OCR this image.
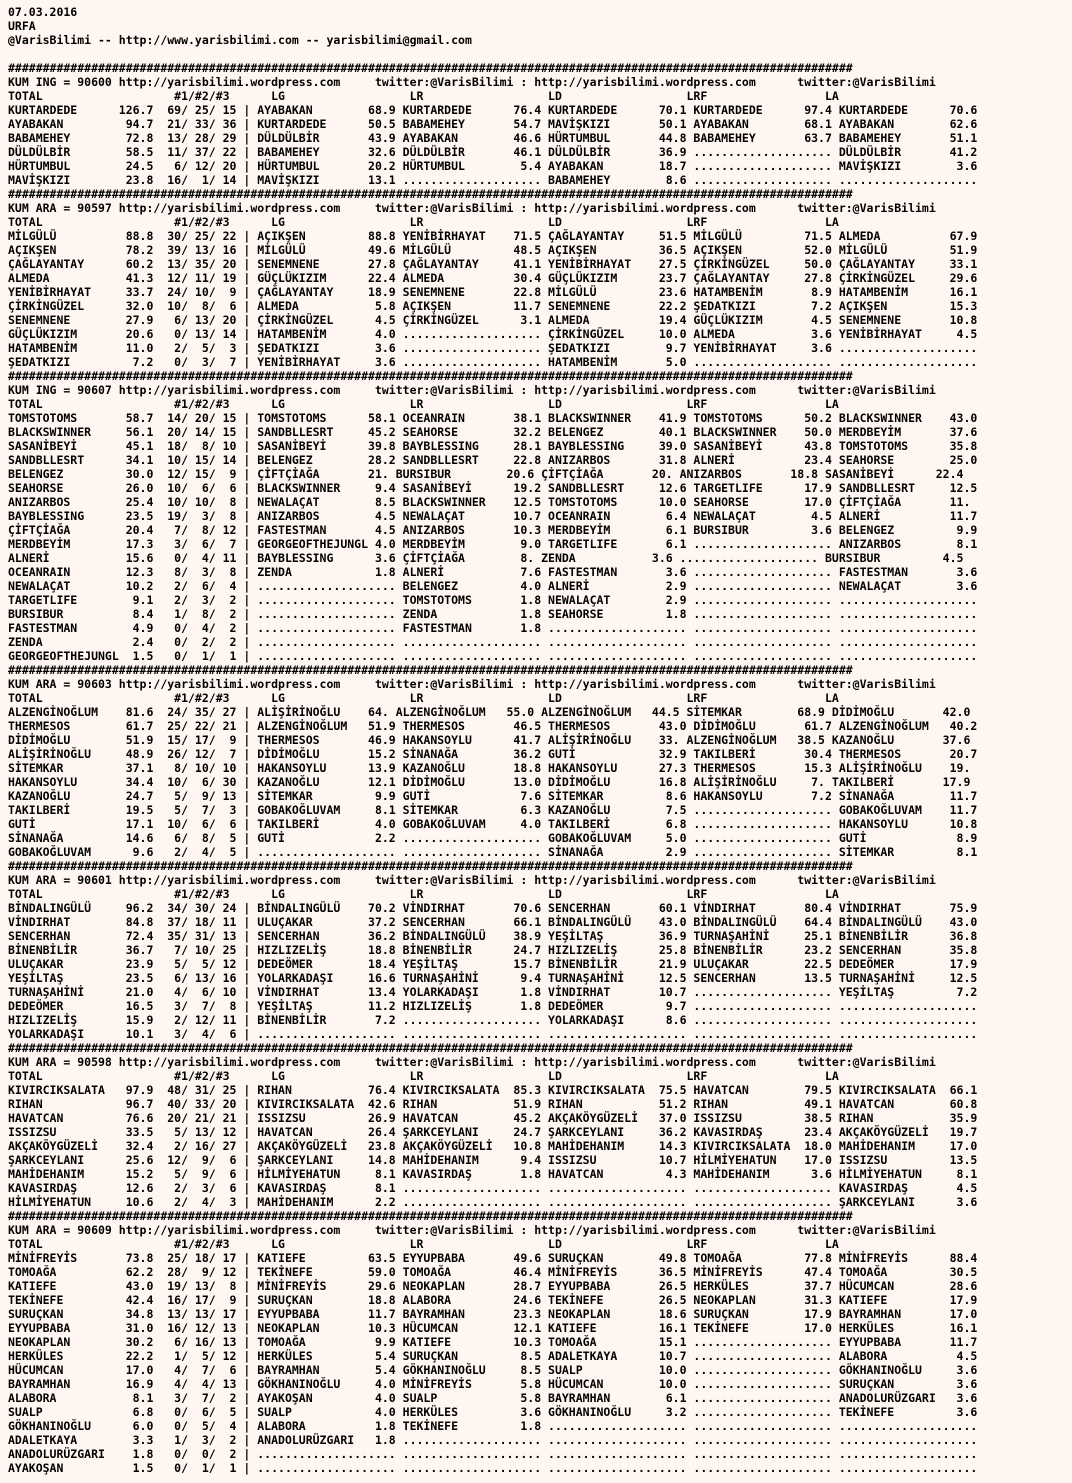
07.03.2016
URFA
@VarisBilimi -- http://www.yarisbilimi.com -- yarisbilimi@gmail.com
##########################################################################################################################
KUM ING = 90600 http://yarisbilimi.wordpress.com     twitter:@VarisBilimi : http://yarisbilimi.wordpress.com      twitter:@VarisBilimi
TOTAL                   #1/#2/#3      LG                  LR                  LD                  LRF                 LA
KURTARDEDE      126.7  69/ 25/ 15 | AYABAKAN        68.9 KURTARDEDE      76.4 KURTARDEDE      70.1 KURTARDEDE      97.4 KURTARDEDE      70.6
AYABAKAN         94.7  21/ 33/ 36 | KURTARDEDE      50.5 BABAMEHEY       54.7 MAVİŞKIZI       50.1 AYABAKAN        68.1 AYABAKAN        62.6
BABAMEHEY        72.8  13/ 28/ 29 | DÜLDÜLBİR       43.9 AYABAKAN        46.6 HÜRTUMBUL       44.8 BABAMEHEY       63.7 BABAMEHEY       51.1
DÜLDÜLBİR        58.5  11/ 37/ 22 | BABAMEHEY       32.6 DÜLDÜLBİR       46.1 DÜLDÜLBİR       36.9 .................... DÜLDÜLBİR       41.2
HÜRTUMBUL        24.5   6/ 12/ 20 | HÜRTUMBUL       20.2 HÜRTUMBUL        5.4 AYABAKAN        18.7 .................... MAVİŞKIZI        3.6
MAVİŞKIZI        23.8  16/  1/ 14 | MAVİŞKIZI       13.1 .................... BABAMEHEY        8.6 .................... ....................
##########################################################################################################################
KUM ARA = 90597 http://yarisbilimi.wordpress.com     twitter:@VarisBilimi : http://yarisbilimi.wordpress.com      twitter:@VarisBilimi
TOTAL                   #1/#2/#3      LG                  LR                  LD                  LRF                 LA
MİLGÜLÜ          88.8  30/ 25/ 22 | AÇIKŞEN         88.8 YENİBİRHAYAT    71.5 ÇAĞLAYANTAY     51.5 MİLGÜLÜ         71.5 ALMEDA          67.9
AÇIKŞEN          78.2  39/ 13/ 16 | MİLGÜLÜ         49.6 MİLGÜLÜ         48.5 AÇIKŞEN         36.5 AÇIKŞEN         52.0 MİLGÜLÜ         51.9
ÇAĞLAYANTAY      60.2  13/ 35/ 20 | SENEMNENE       27.8 ÇAĞLAYANTAY     41.1 YENİBİRHAYAT    27.5 ÇİRKİNGÜZEL     50.0 ÇAĞLAYANTAY     33.1
ALMEDA           41.3  12/ 11/ 19 | GÜÇLÜKIZIM      22.4 ALMEDA          30.4 GÜÇLÜKIZIM      23.7 ÇAĞLAYANTAY     27.8 ÇİRKİNGÜZEL     29.6
YENİBİRHAYAT     33.7  24/ 10/  9 | ÇAĞLAYANTAY     18.9 SENEMNENE       22.8 MİLGÜLÜ         23.6 HATAMBENİM       8.9 HATAMBENİM      16.1
ÇİRKİNGÜZEL      32.0  10/  8/  6 | ALMEDA           5.8 AÇIKŞEN         11.7 SENEMNENE       22.2 ŞEDATKIZI        7.2 AÇIKŞEN         15.3
SENEMNENE        27.9   6/ 13/ 20 | ÇİRKİNGÜZEL      4.5 ÇİRKİNGÜZEL      3.1 ALMEDA          19.4 GÜÇLÜKIZIM       4.5 SENEMNENE       10.8
GÜÇLÜKIZIM       20.6   0/ 13/ 14 | HATAMBENİM       4.0 .................... ÇİRKİNGÜZEL     10.0 ALMEDA           3.6 YENİBİRHAYAT     4.5
HATAMBENİM       11.0   2/  5/  3 | ŞEDATKIZI        3.6 .................... ŞEDATKIZI        9.7 YENİBİRHAYAT     3.6 ....................
ŞEDATKIZI         7.2   0/  3/  7 | YENİBİRHAYAT     3.6 .................... HATAMBENİM       5.0 .................... ....................
##########################################################################################################################
KUM ING = 90607 http://yarisbilimi.wordpress.com     twitter:@VarisBilimi : http://yarisbilimi.wordpress.com      twitter:@VarisBilimi
TOTAL                   #1/#2/#3      LG                  LR                  LD                  LRF                 LA
TOMSTOTOMS       58.7  14/ 20/ 15 | TOMSTOTOMS      58.1 OCEANRAIN       38.1 BLACKSWINNER    41.9 TOMSTOTOMS      50.2 BLACKSWINNER    43.0
BLACKSWINNER     56.1  20/ 14/ 15 | SANDBLLESRT     45.2 SEAHORSE        32.2 BELENGEZ        40.1 BLACKSWINNER    50.0 MERDBEYİM       37.6
SASANİBEYİ       45.1  18/  8/ 10 | SASANİBEYİ      39.8 BAYBLESSING     28.1 BAYBLESSING     39.0 SASANİBEYİ      43.8 TOMSTOTOMS      35.8
SANDBLLESRT      34.1  10/ 15/ 14 | BELENGEZ        28.2 SANDBLLESRT     22.8 ANIZARBOS       31.8 ALNERİ          23.4 SEAHORSE        25.0
BELENGEZ         30.0  12/ 15/  9 | ÇİFTÇİAĞA       21. BURSIBUR        20.6 ÇİFTÇİAĞA       20. ANIZARBOS       18.8 SASANİBEYİ      22.4
SEAHORSE         26.0  10/  6/  6 | BLACKSWINNER     9.4 SASANİBEYİ      19.2 SANDBLLESRT     12.6 TARGETLIFE      17.9 SANDBLLESRT     12.5
ANIZARBOS        25.4  10/ 10/  8 | NEWALAÇAT        8.5 BLACKSWINNER    12.5 TOMSTOTOMS      10.0 SEAHORSE        17.0 ÇİFTÇİAĞA       11.
BAYBLESSING      23.5  19/  3/  8 | ANIZARBOS        4.5 NEWALAÇAT       10.7 OCEANRAIN        6.4 NEWALAÇAT        4.5 ALNERİ          11.7
ÇİFTÇİAĞA        20.4   7/  8/ 12 | FASTESTMAN       4.5 ANIZARBOS       10.3 MERDBEYİM        6.1 BURSIBUR         3.6 BELENGEZ         9.9
MERDBEYİM        17.3   3/  6/  7 | GEORGEOFTHEJUNGL 4.0 MERDBEYİM        9.0 TARGETLIFE       6.1 .................... ANIZARBOS        8.1
ALNERİ           15.6   0/  4/ 11 | BAYBLESSING      3.6 ÇİFTÇİAĞA        8. ZENDA           3.6 .................... BURSIBUR         4.5
OCEANRAIN        12.3   8/  3/  8 | ZENDA            1.8 ALNERİ           7.6 FASTESTMAN       3.6 .................... FASTESTMAN       3.6
NEWALAÇAT        10.2   2/  6/  4 | .................... BELENGEZ         4.0 ALNERİ           2.9 .................... NEWALAÇAT        3.6
TARGETLIFE        9.1   2/  3/  2 | .................... TOMSTOTOMS       1.8 NEWALAÇAT        2.9 .................... ....................
BURSIBUR          8.4   1/  8/  2 | .................... ZENDA            1.8 SEAHORSE         1.8 .................... ....................
FASTESTMAN        4.9   0/  4/  2 | .................... FASTESTMAN       1.8 .................... .................... ....................
ZENDA             2.4   0/  2/  2 | .................... .................... .................... .................... ....................
GEORGEOFTHEJUNGL  1.5   0/  1/  1 | .................... .................... .................... .................... ....................
##########################################################################################################################
KUM ARA = 90603 http://yarisbilimi.wordpress.com     twitter:@VarisBilimi : http://yarisbilimi.wordpress.com      twitter:@VarisBilimi
TOTAL                   #1/#2/#3      LG                  LR                  LD                  LRF                 LA
ALZENGİNOĞLUM    81.6  24/ 35/ 27 | ALİŞİRİNOĞLU    64. ALZENGİNOĞLUM   55.0 ALZENGİNOĞLUM   44.5 SİTEMKAR        68.9 DİDİMOĞLU       42.0
THERMESOS        61.7  25/ 22/ 21 | ALZENGİNOĞLUM   51.9 THERMESOS       46.5 THERMESOS       43.0 DİDİMOĞLU       61.7 ALZENGİNOĞLUM   40.2
DİDİMOĞLU        51.9  15/ 17/  9 | THERMESOS       46.9 HAKANSOYLU      41.7 ALİŞİRİNOĞLU    33. ALZENGİNOĞLUM   38.5 KAZANOĞLU       37.6
ALİŞİRİNOĞLU     48.9  26/ 12/  7 | DİDİMOĞLU       15.2 SİNANAĞA        36.2 GUTİ            32.9 TAKILBERİ       30.4 THERMESOS       20.7
SİTEMKAR         37.1   8/ 10/ 10 | HAKANSOYLU      13.9 KAZANOĞLU       18.8 HAKANSOYLU      27.3 THERMESOS       15.3 ALİŞİRİNOĞLU    19.
HAKANSOYLU       34.4  10/  6/ 30 | KAZANOĞLU       12.1 DİDİMOĞLU       13.0 DİDİMOĞLU       16.8 ALİŞİRİNOĞLU     7. TAKILBERİ       17.9
KAZANOĞLU        24.7   5/  9/ 13 | SİTEMKAR         9.9 GUTİ             7.6 SİTEMKAR         8.6 HAKANSOYLU       7.2 SİNANAĞA        11.7
TAKILBERİ        19.5   5/  7/  3 | GOBAKOĞLUVAM     8.1 SİTEMKAR         6.3 KAZANOĞLU        7.5 .................... GOBAKOĞLUVAM    11.7
GUTİ             17.1  10/  6/  6 | TAKILBERİ        4.0 GOBAKOĞLUVAM     4.0 TAKILBERİ        6.8 .................... HAKANSOYLU      10.8
SİNANAĞA         14.6   6/  8/  5 | GUTİ             2.2 .................... GOBAKOĞLUVAM     5.0 .................... GUTİ             8.9
GOBAKOĞLUVAM      9.6   2/  4/  5 | .................... .................... SİNANAĞA         2.9 .................... SİTEMKAR         8.1
##########################################################################################################################
KUM ARA = 90601 http://yarisbilimi.wordpress.com     twitter:@VarisBilimi : http://yarisbilimi.wordpress.com      twitter:@VarisBilimi
TOTAL                   #1/#2/#3      LG                  LR                  LD                  LRF                 LA
BİNDALINGÜLÜ     96.2  34/ 30/ 24 | BİNDALINGÜLÜ    70.2 VİNDIRHAT       70.6 SENCERHAN       60.1 VİNDIRHAT       80.4 VİNDIRHAT       75.9
VİNDIRHAT        84.8  37/ 18/ 11 | ULUÇAKAR        37.2 SENCERHAN       66.1 BİNDALINGÜLÜ    43.0 BİNDALINGÜLÜ    64.4 BİNDALINGÜLÜ    43.0
SENCERHAN        72.4  35/ 31/ 13 | SENCERHAN       36.2 BİNDALINGÜLÜ    38.9 YEŞİLTAŞ        36.9 TURNAŞAHİNİ     25.1 BİNENBİLİR      36.8
BİNENBİLİR       36.7   7/ 10/ 25 | HIZLIZELİŞ      18.8 BİNENBİLİR      24.7 HIZLIZELİŞ      25.8 BİNENBİLİR      23.2 SENCERHAN       35.8
ULUÇAKAR         23.9   5/  5/ 12 | DEDEÖMER        18.4 YEŞİLTAŞ        15.7 BİNENBİLİR      21.9 ULUÇAKAR        22.5 DEDEÖMER        17.9
YEŞİLTAŞ         23.5   6/ 13/ 16 | YOLARKADAŞI     16.6 TURNAŞAHİNİ      9.4 TURNAŞAHİNİ     12.5 SENCERHAN       13.5 TURNAŞAHİNİ     12.5
TURNAŞAHİNİ      21.0   4/  6/ 10 | VİNDIRHAT       13.4 YOLARKADAŞI      1.8 VİNDIRHAT       10.7 .................... YEŞİLTAŞ         7.2
DEDEÖMER         16.5   3/  7/  8 | YEŞİLTAŞ        11.2 HIZLIZELİŞ       1.8 DEDEÖMER         9.7 .................... ....................
HIZLIZELİŞ       15.9   2/ 12/ 11 | BİNENBİLİR       7.2 .................... YOLARKADAŞI      8.6 .................... ....................
YOLARKADAŞI      10.1   3/  4/  6 | .................... .................... .................... .................... ....................
##########################################################################################################################
KUM ARA = 90598 http://yarisbilimi.wordpress.com     twitter:@VarisBilimi : http://yarisbilimi.wordpress.com      twitter:@VarisBilimi
TOTAL                   #1/#2/#3      LG                  LR                  LD                  LRF                 LA
KIVIRCIKSALATA   97.9  48/ 31/ 25 | RIHAN           76.4 KIVIRCIKSALATA  85.3 KIVIRCIKSALATA  75.5 HAVATCAN        79.5 KIVIRCIKSALATA  66.1
RIHAN            96.7  40/ 33/ 20 | KIVIRCIKSALATA  42.6 RIHAN           51.9 RIHAN           51.2 RIHAN           49.1 HAVATCAN        60.8
HAVATCAN         76.6  20/ 21/ 21 | ISSIZSU         26.9 HAVATCAN        45.2 AKÇAKÖYGÜZELİ   37.0 ISSIZSU         38.5 RIHAN           35.9
ISSIZSU          33.5   5/ 13/ 12 | HAVATCAN        26.4 ŞARKCEYLANI     24.7 ŞARKCEYLANI     36.2 KAVASIRDAŞ      23.4 AKÇAKÖYGÜZELİ   19.7
AKÇAKÖYGÜZELİ    32.4   2/ 16/ 27 | AKÇAKÖYGÜZELİ   23.8 AKÇAKÖYGÜZELİ   10.8 MAHİDEHANIM     14.3 KIVIRCIKSALATA  18.0 MAHİDEHANIM     17.0
ŞARKCEYLANI      25.6  12/  9/  6 | ŞARKCEYLANI     14.8 MAHİDEHANIM      9.4 ISSIZSU         10.7 HİLMİYEHATUN    17.0 ISSIZSU         13.5
MAHİDEHANIM      15.2   5/  9/  6 | HİLMİYEHATUN     8.1 KAVASIRDAŞ       1.8 HAVATCAN         4.3 MAHİDEHANIM      3.6 HİLMİYEHATUN     8.1
KAVASIRDAŞ       12.6   2/  3/  6 | KAVASIRDAŞ       8.1 .................... .................... .................... KAVASIRDAŞ       4.5
HİLMİYEHATUN     10.6   2/  4/  3 | MAHİDEHANIM      2.2 .................... .................... .................... ŞARKCEYLANI      3.6
##########################################################################################################################
KUM ARA = 90609 http://yarisbilimi.wordpress.com     twitter:@VarisBilimi : http://yarisbilimi.wordpress.com      twitter:@VarisBilimi
TOTAL                   #1/#2/#3      LG                  LR                  LD                  LRF                 LA
MİNİFREYİS       73.8  25/ 18/ 17 | KATIEFE         63.5 EYYUPBABA       49.6 SURUÇKAN        49.8 TOMOAĞA         77.8 MİNİFREYİS      88.4
TOMOAĞA          62.2  28/  9/ 12 | TEKİNEFE        59.0 TOMOAĞA         46.4 MİNİFREYİS      36.5 MİNİFREYİS      47.4 TOMOAĞA         30.5
KATIEFE          43.0  19/ 13/  8 | MİNİFREYİS      29.6 NEOKAPLAN       28.7 EYYUPBABA       26.5 HERKÜLES        37.7 HÜCUMCAN        28.6
TEKİNEFE         42.4  16/ 17/  9 | SURUÇKAN        18.8 ALABORA         24.6 TEKİNEFE        26.5 NEOKAPLAN       31.3 KATIEFE         17.9
SURUÇKAN         34.8  13/ 13/ 17 | EYYUPBABA       11.7 BAYRAMHAN       23.3 NEOKAPLAN       18.6 SURUÇKAN        17.9 BAYRAMHAN       17.0
EYYUPBABA        31.0  16/ 12/ 13 | NEOKAPLAN       10.3 HÜCUMCAN        12.1 KATIEFE         16.1 TEKİNEFE        17.0 HERKÜLES        16.1
NEOKAPLAN        30.2   6/ 16/ 13 | TOMOAĞA          9.9 KATIEFE         10.3 TOMOAĞA         15.1 .................... EYYUPBABA       11.7
HERKÜLES         22.2   1/  5/ 12 | HERKÜLES         5.4 SURUÇKAN         8.5 ADALETKAYA      10.7 .................... ALABORA          4.5
HÜCUMCAN         17.0   4/  7/  6 | BAYRAMHAN        5.4 GÖKHANINOĞLU     8.5 SUALP           10.0 .................... GÖKHANINOĞLU     3.6
BAYRAMHAN        16.9   4/  4/ 13 | GÖKHANINOĞLU     4.0 MİNİFREYİS       5.8 HÜCUMCAN        10.0 .................... SURUÇKAN         3.6
ALABORA           8.1   3/  7/  2 | AYAKOŞAN         4.0 SUALP            5.8 BAYRAMHAN        6.1 .................... ANADOLURÜZGARI   3.6
SUALP             6.8   0/  6/  5 | SUALP            4.0 HERKÜLES         3.6 GÖKHANINOĞLU     3.2 .................... TEKİNEFE         3.6
GÖKHANINOĞLU      6.0   0/  5/  4 | ALABORA          1.8 TEKİNEFE         1.8 .................... .................... ....................
ADALETKAYA        3.3   1/  3/  2 | ANADOLURÜZGARI   1.8 .................... .................... .................... ....................
ANADOLURÜZGARI    1.8   0/  0/  2 | .................... .................... .................... .................... ....................
AYAKOŞAN          1.5   0/  1/  1 | .................... .................... .................... .................... ....................
